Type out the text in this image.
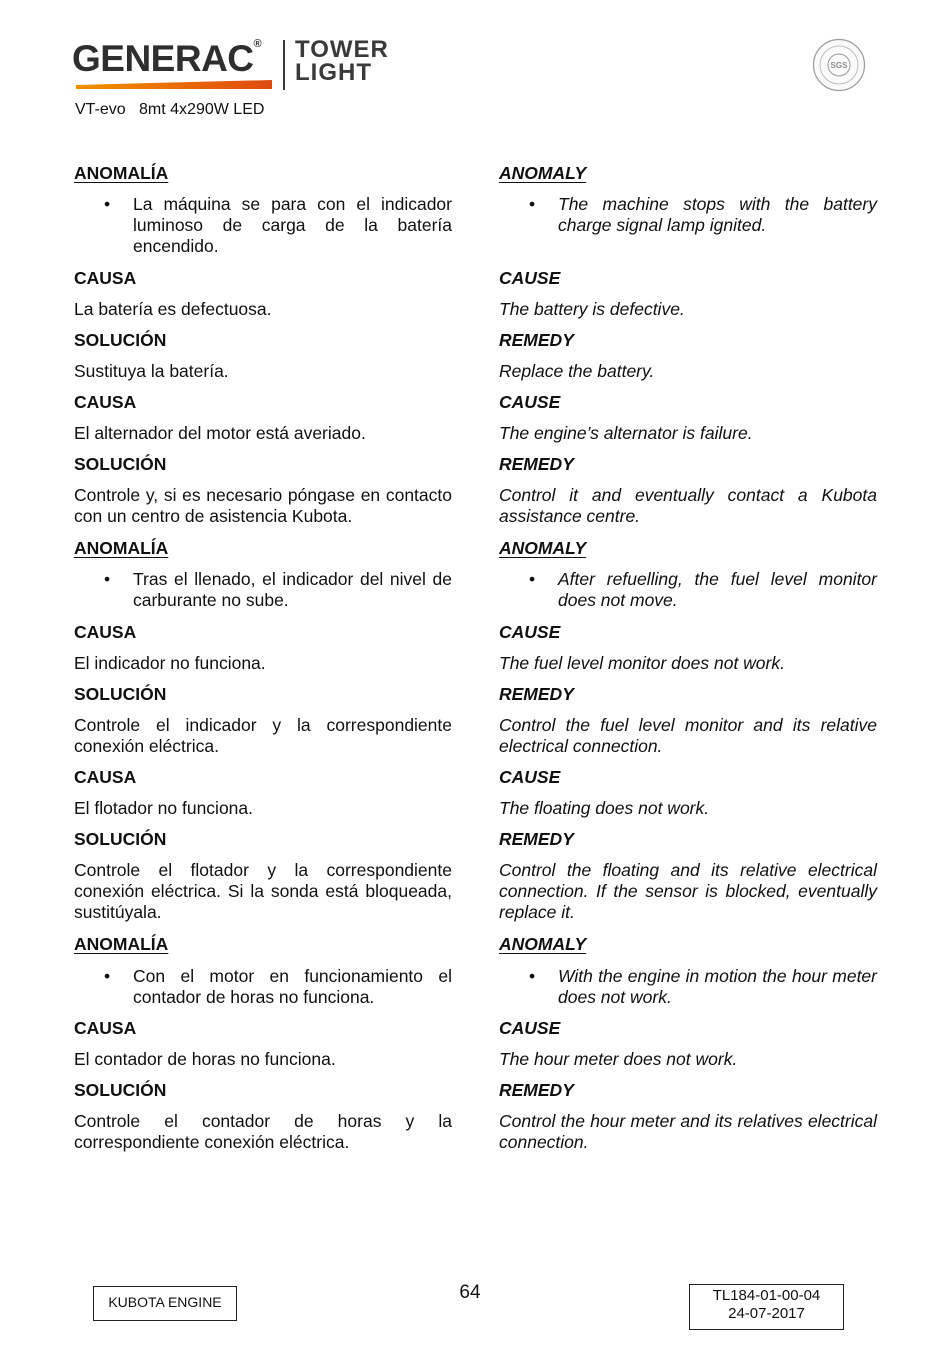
GENERAC® TOWER
LIGHT
VT-evo 8mt 4x290W LED
SGS
ANOMALÍA
• La máquina se para con el indicador luminoso de carga de la batería encendido.
CAUSA
La batería es defectuosa.
SOLUCIÓN
Sustituya la batería.
CAUSA
El alternador del motor está averiado.
SOLUCIÓN
Controle y, si es necesario póngase en contacto con un centro de asistencia Kubota.
ANOMALÍA
• Tras el llenado, el indicador del nivel de carburante no sube.
CAUSA
El indicador no funciona.
SOLUCIÓN
Controle el indicador y la correspondiente conexión eléctrica.
CAUSA
El flotador no funciona.
SOLUCIÓN
Controle el flotador y la correspondiente conexión eléctrica. Si la sonda está bloqueada, sustitúyala.
ANOMALÍA
• Con el motor en funcionamiento el contador de horas no funciona.
CAUSA
El contador de horas no funciona.
SOLUCIÓN
Controle el contador de horas y la correspondiente conexión eléctrica.
ANOMALY
• The machine stops with the battery charge signal lamp ignited.
CAUSE
The battery is defective.
REMEDY
Replace the battery.
CAUSE
The engine’s alternator is failure.
REMEDY
Control it and eventually contact a Kubota assistance centre.
ANOMALY
• After refuelling, the fuel level monitor does not move.
CAUSE
The fuel level monitor does not work.
REMEDY
Control the fuel level monitor and its relative electrical connection.
CAUSE
The floating does not work.
REMEDY
Control the floating and its relative electrical connection. If the sensor is blocked, eventually replace it.
ANOMALY
• With the engine in motion the hour meter does not work.
CAUSE
The hour meter does not work.
REMEDY
Control the hour meter and its relatives electrical connection.
KUBOTA ENGINE	64	TL184-01-00-04
24-07-2017
